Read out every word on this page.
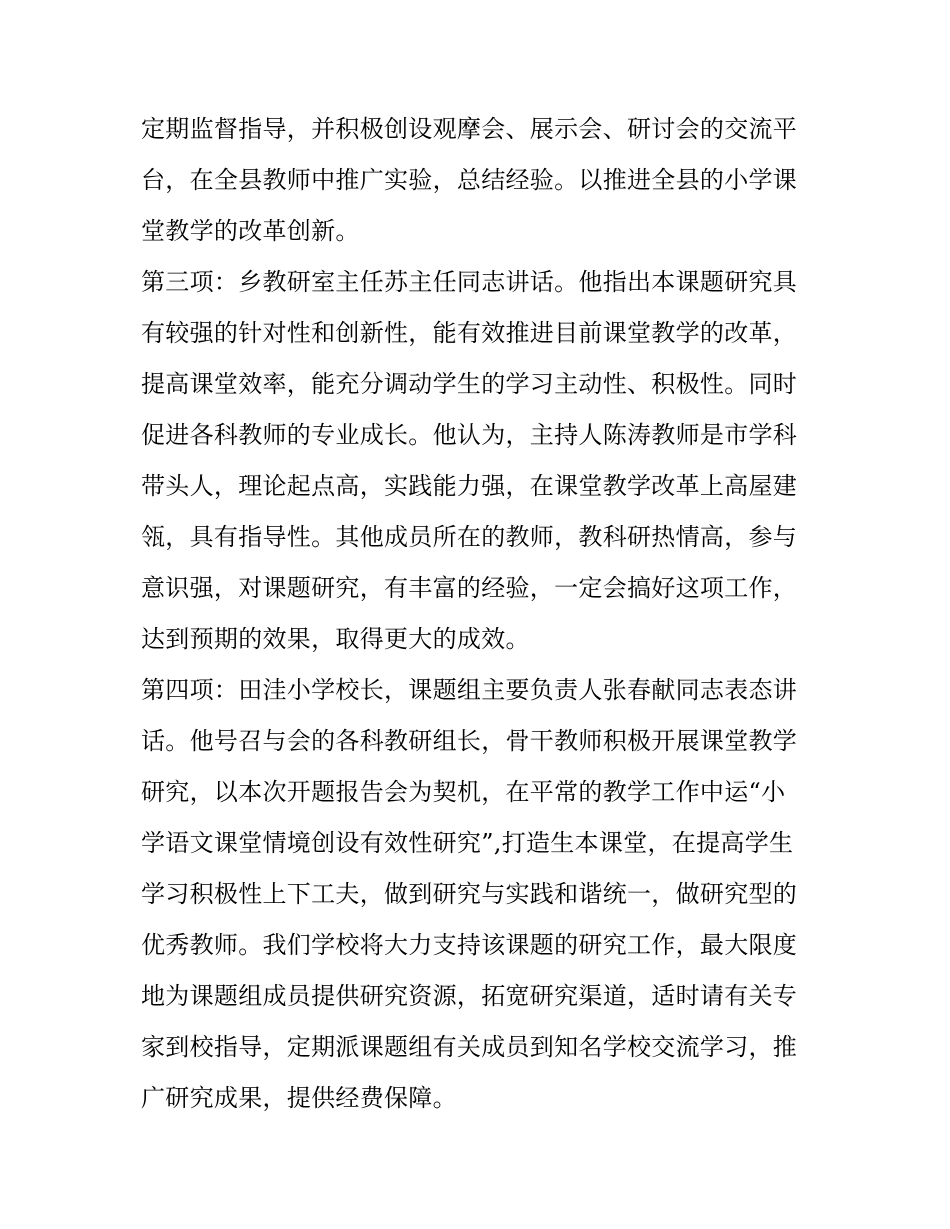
定期监督指导，并积极创设观摩会、展示会、研讨会的交流平
台，在全县教师中推广实验，总结经验。以推进全县的小学课
堂教学的改革创新。
第三项：乡教研室主任苏主任同志讲话。他指出本课题研究具
有较强的针对性和创新性，能有效推进目前课堂教学的改革，
提高课堂效率，能充分调动学生的学习主动性、积极性。同时
促进各科教师的专业成长。他认为，主持人陈涛教师是市学科
带头人，理论起点高，实践能力强，在课堂教学改革上高屋建
瓴，具有指导性。其他成员所在的教师，教科研热情高，参与
意识强，对课题研究，有丰富的经验，一定会搞好这项工作，
达到预期的效果，取得更大的成效。
第四项：田洼小学校长，课题组主要负责人张春献同志表态讲
话。他号召与会的各科教研组长，骨干教师积极开展课堂教学
研究，以本次开题报告会为契机，在平常的教学工作中运“小
学语文课堂情境创设有效性研究”,打造生本课堂，在提高学生
学习积极性上下工夫，做到研究与实践和谐统一，做研究型的
优秀教师。我们学校将大力支持该课题的研究工作，最大限度
地为课题组成员提供研究资源，拓宽研究渠道，适时请有关专
家到校指导，定期派课题组有关成员到知名学校交流学习，推
广研究成果，提供经费保障。
